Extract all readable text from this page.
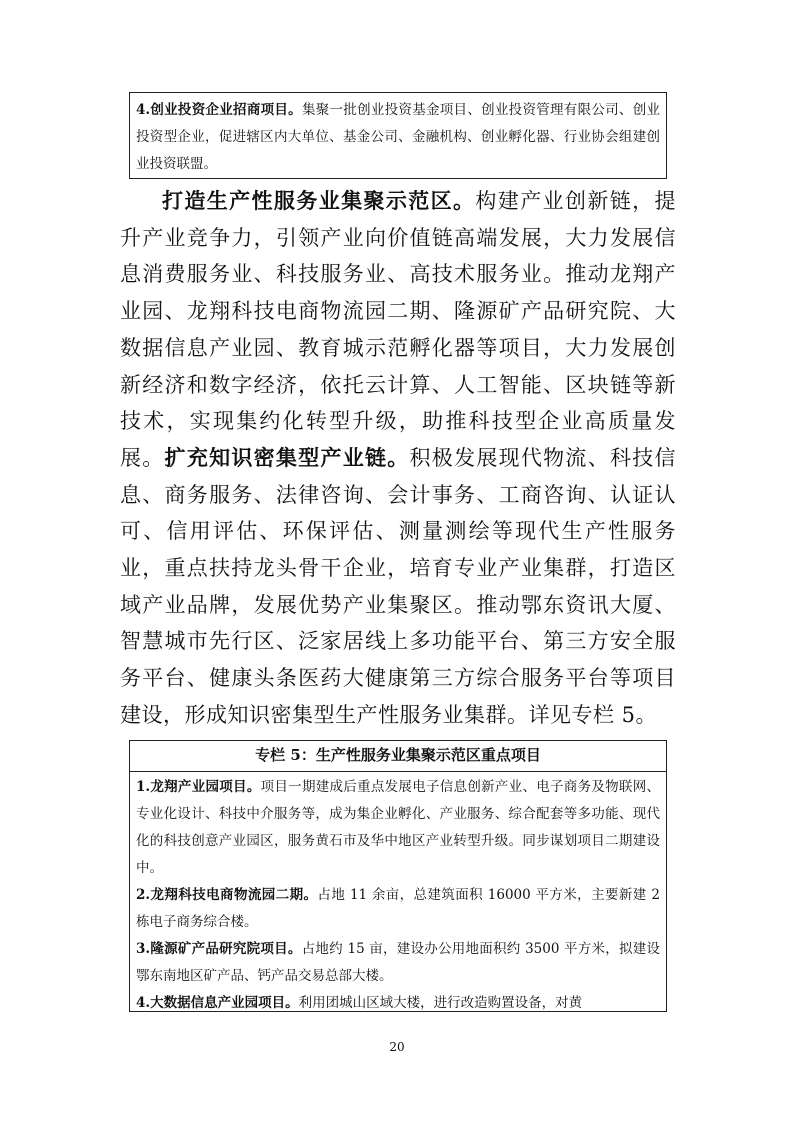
4.创业投资企业招商项目。集聚一批创业投资基金项目、创业投资管理有限公司、创业投资型企业，促进辖区内大单位、基金公司、金融机构、创业孵化器、行业协会组建创业投资联盟。

打造生产性服务业集聚示范区。构建产业创新链，提升产业竞争力，引领产业向价值链高端发展，大力发展信息消费服务业、科技服务业、高技术服务业。推动龙翔产业园、龙翔科技电商物流园二期、隆源矿产品研究院、大数据信息产业园、教育城示范孵化器等项目，大力发展创新经济和数字经济，依托云计算、人工智能、区块链等新技术，实现集约化转型升级，助推科技型企业高质量发展。扩充知识密集型产业链。积极发展现代物流、科技信息、商务服务、法律咨询、会计事务、工商咨询、认证认可、信用评估、环保评估、测量测绘等现代生产性服务业，重点扶持龙头骨干企业，培育专业产业集群，打造区域产业品牌，发展优势产业集聚区。推动鄂东资讯大厦、智慧城市先行区、泛家居线上多功能平台、第三方安全服务平台、健康头条医药大健康第三方综合服务平台等项目建设，形成知识密集型生产性服务业集群。详见专栏 5。

专栏 5：生产性服务业集聚示范区重点项目

1.龙翔产业园项目。项目一期建成后重点发展电子信息创新产业、电子商务及物联网、专业化设计、科技中介服务等，成为集企业孵化、产业服务、综合配套等多功能、现代化的科技创意产业园区，服务黄石市及华中地区产业转型升级。同步谋划项目二期建设中。

2.龙翔科技电商物流园二期。占地 11 余亩，总建筑面积 16000 平方米，主要新建 2 栋电子商务综合楼。

3.隆源矿产品研究院项目。占地约 15 亩，建设办公用地面积约 3500 平方米，拟建设鄂东南地区矿产品、钙产品交易总部大楼。

4.大数据信息产业园项目。利用团城山区域大楼，进行改造购置设备，对黄

20
